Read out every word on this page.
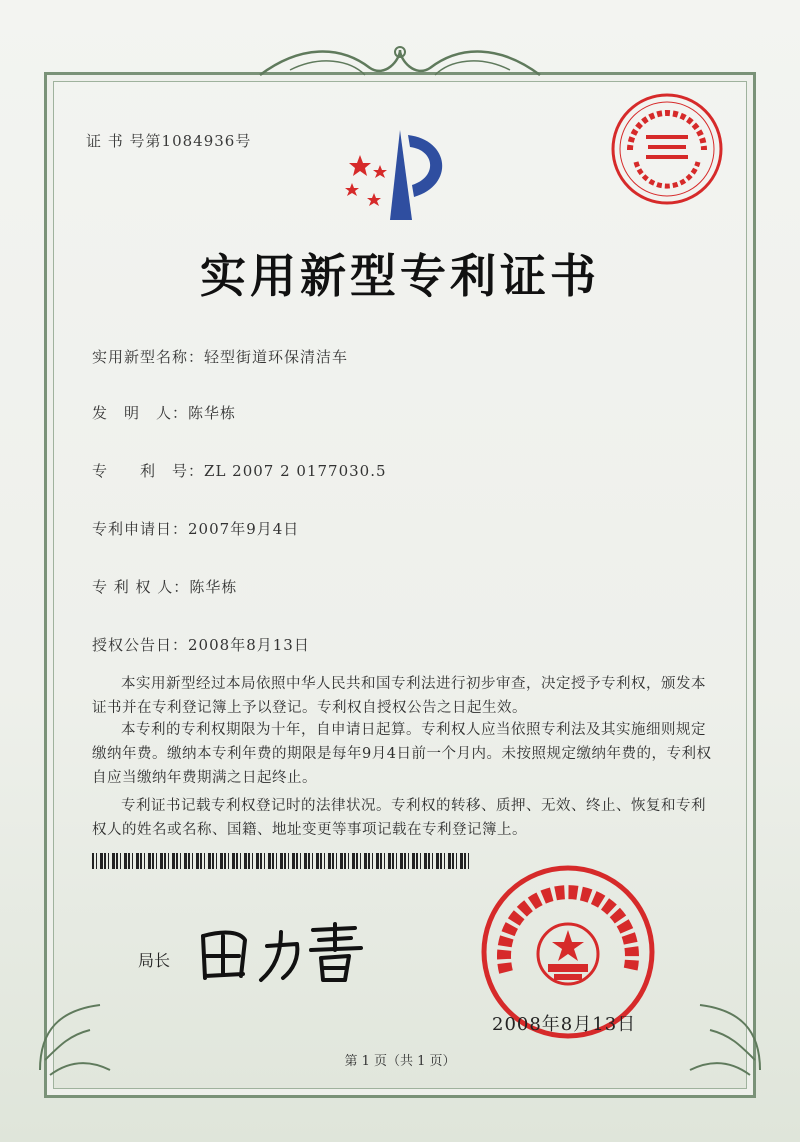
证 书 号第1084936号
实用新型专利证书
实用新型名称：轻型街道环保清洁车
发　明　人：陈华栋
专　　利　号：ZL 2007 2 0177030.5
专利申请日：2007年9月4日
专 利 权 人：陈华栋
授权公告日：2008年8月13日

本实用新型经过本局依照中华人民共和国专利法进行初步审查，决定授予专利权，颁发本证书并在专利登记簿上予以登记。专利权自授权公告之日起生效。

本专利的专利权期限为十年，自申请日起算。专利权人应当依照专利法及其实施细则规定缴纳年费。缴纳本专利年费的期限是每年9月4日前一个月内。未按照规定缴纳年费的，专利权自应当缴纳年费期满之日起终止。

专利证书记载专利权登记时的法律状况。专利权的转移、质押、无效、终止、恢复和专利权人的姓名或名称、国籍、地址变更等事项记载在专利登记簿上。

局长
2008年8月13日
第 1 页（共 1 页）
